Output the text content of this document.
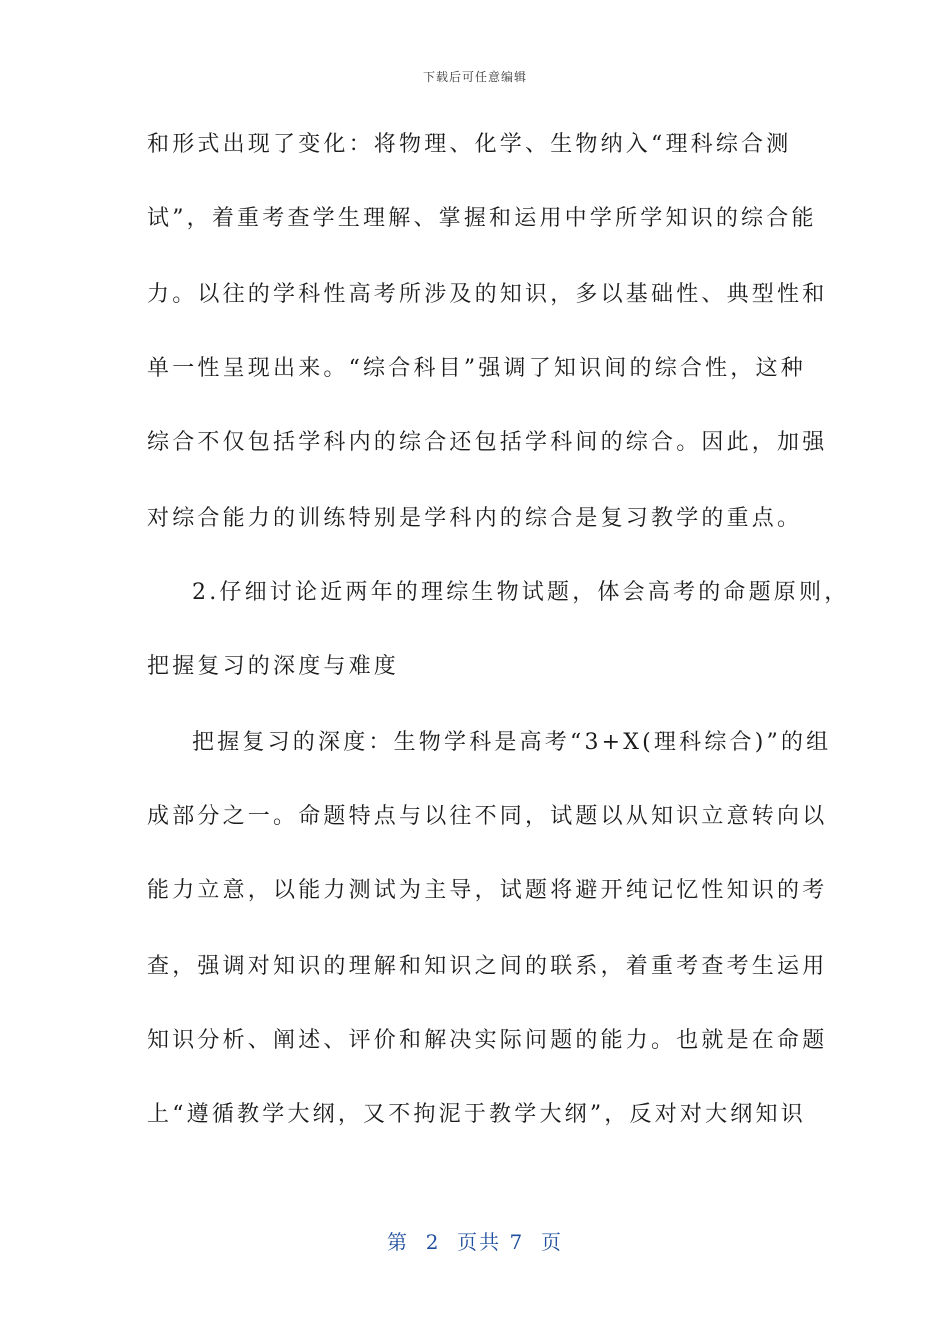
下载后可任意编辑
和形式出现了变化：将物理、化学、生物纳入“理科综合测
试”，着重考查学生理解、掌握和运用中学所学知识的综合能
力。以往的学科性高考所涉及的知识，多以基础性、典型性和
单一性呈现出来。“综合科目”强调了知识间的综合性，这种
综合不仅包括学科内的综合还包括学科间的综合。因此，加强
对综合能力的训练特别是学科内的综合是复习教学的重点。
2.仔细讨论近两年的理综生物试题，体会高考的命题原则，
把握复习的深度与难度
把握复习的深度：生物学科是高考“3+X(理科综合)”的组
成部分之一。命题特点与以往不同，试题以从知识立意转向以
能力立意，以能力测试为主导，试题将避开纯记忆性知识的考
查，强调对知识的理解和知识之间的联系，着重考查考生运用
知识分析、阐述、评价和解决实际问题的能力。也就是在命题
上“遵循教学大纲，又不拘泥于教学大纲”，反对对大纲知识
第  2  页共 7  页
